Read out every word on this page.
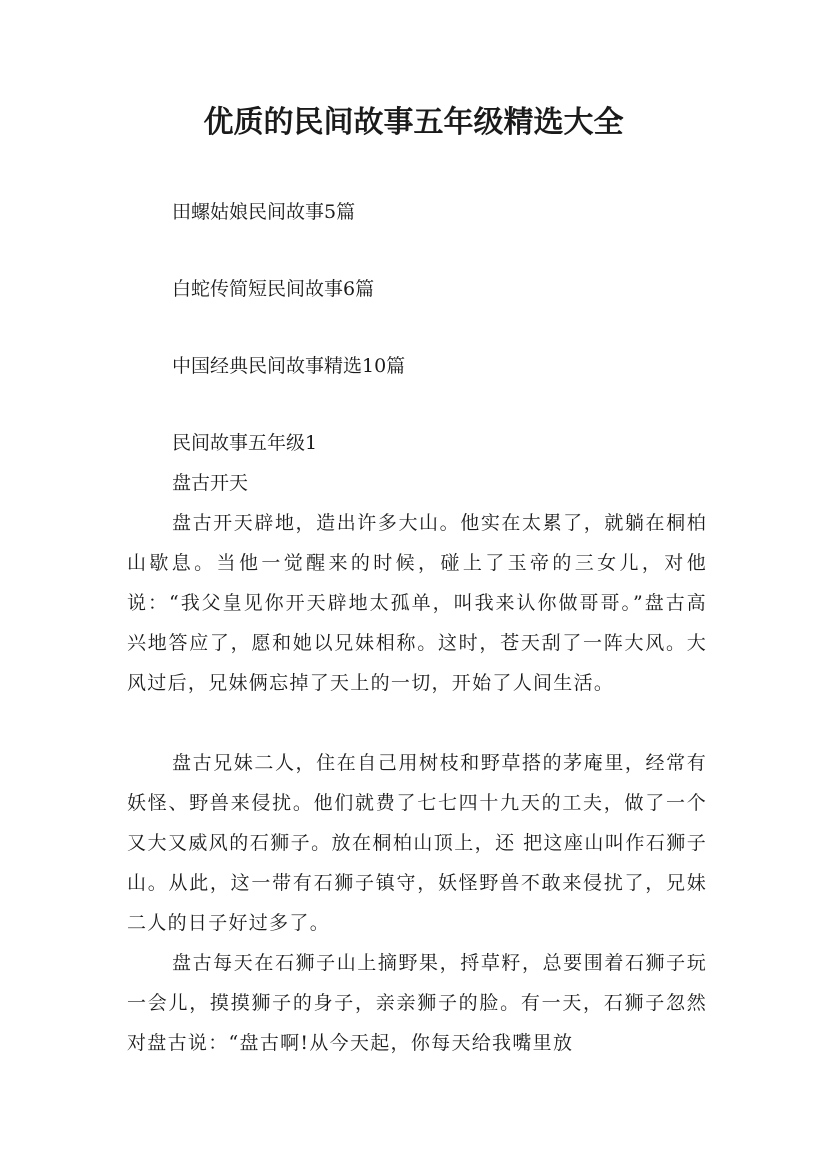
优质的民间故事五年级精选大全
田螺姑娘民间故事5篇
白蛇传简短民间故事6篇
中国经典民间故事精选10篇
民间故事五年级1
盘古开天
盘古开天辟地，造出许多大山。他实在太累了，就躺在桐柏山歇息。当他一觉醒来的时候，碰上了玉帝的三女儿，对他说：“我父皇见你开天辟地太孤单，叫我来认你做哥哥。”盘古高兴地答应了，愿和她以兄妹相称。这时，苍天刮了一阵大风。大风过后，兄妹俩忘掉了天上的一切，开始了人间生活。
盘古兄妹二人，住在自己用树枝和野草搭的茅庵里，经常有妖怪、野兽来侵扰。他们就费了七七四十九天的工夫，做了一个又大又威风的石狮子。放在桐柏山顶上，还 把这座山叫作石狮子山。从此，这一带有石狮子镇守，妖怪野兽不敢来侵扰了，兄妹二人的日子好过多了。
盘古每天在石狮子山上摘野果，捋草籽，总要围着石狮子玩一会儿，摸摸狮子的身子，亲亲狮子的脸。有一天，石狮子忽然对盘古说：“盘古啊!从今天起，你每天给我嘴里放
